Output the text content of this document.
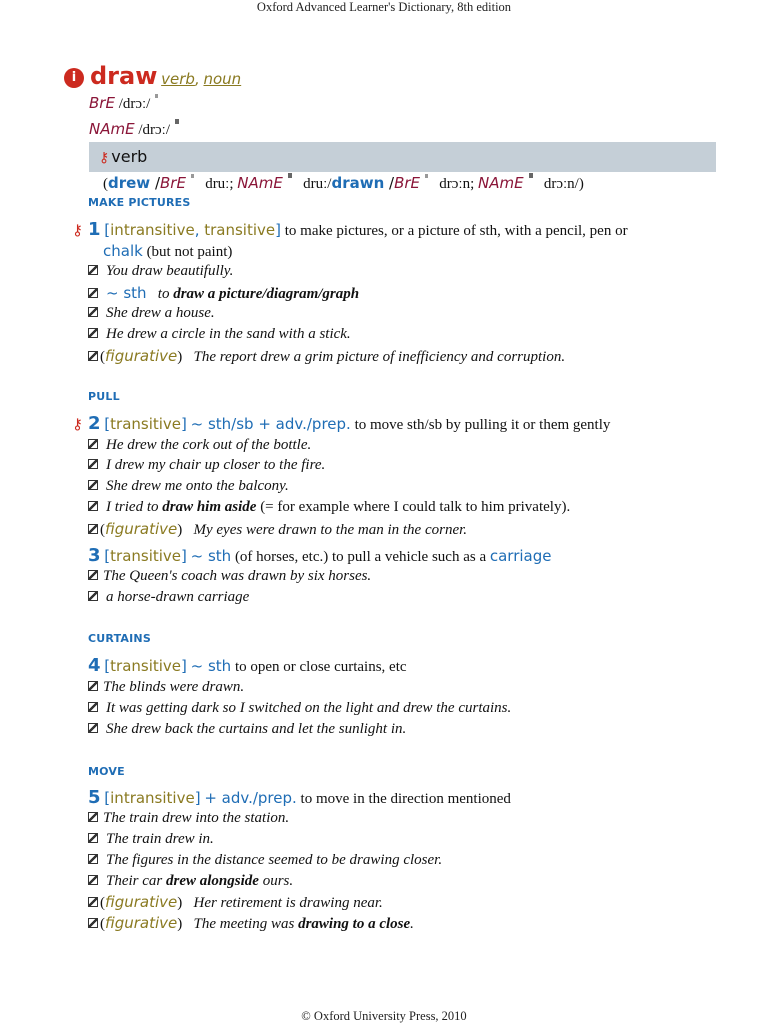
Oxford Advanced Learner's Dictionary, 8th edition
i draw verb, noun
BrE /drɔː/
NAmE /drɔː/
⚷ verb
(drew /BrE druː; NAmE druː/drawn /BrE drɔːn; NAmE drɔːn/)
MAKE PICTURES
⚷ 1 [intransitive, transitive] to make pictures, or a picture of sth, with a pencil, pen or
chalk (but not paint)
You draw beautifully.
~ sth to draw a picture/diagram/graph
She drew a house.
He drew a circle in the sand with a stick.
(figurative) The report drew a grim picture of inefficiency and corruption.
PULL
⚷ 2 [transitive] ~ sth/sb + adv./prep. to move sth/sb by pulling it or them gently
He drew the cork out of the bottle.
I drew my chair up closer to the fire.
She drew me onto the balcony.
I tried to draw him aside (= for example where I could talk to him privately).
(figurative) My eyes were drawn to the man in the corner.
3 [transitive] ~ sth (of horses, etc.) to pull a vehicle such as a carriage
The Queen's coach was drawn by six horses.
a horse-drawn carriage
CURTAINS
4 [transitive] ~ sth to open or close curtains, etc
The blinds were drawn.
It was getting dark so I switched on the light and drew the curtains.
She drew back the curtains and let the sunlight in.
MOVE
5 [intransitive] + adv./prep. to move in the direction mentioned
The train drew into the station.
The train drew in.
The figures in the distance seemed to be drawing closer.
Their car drew alongside ours.
(figurative) Her retirement is drawing near.
(figurative) The meeting was drawing to a close.
© Oxford University Press, 2010
